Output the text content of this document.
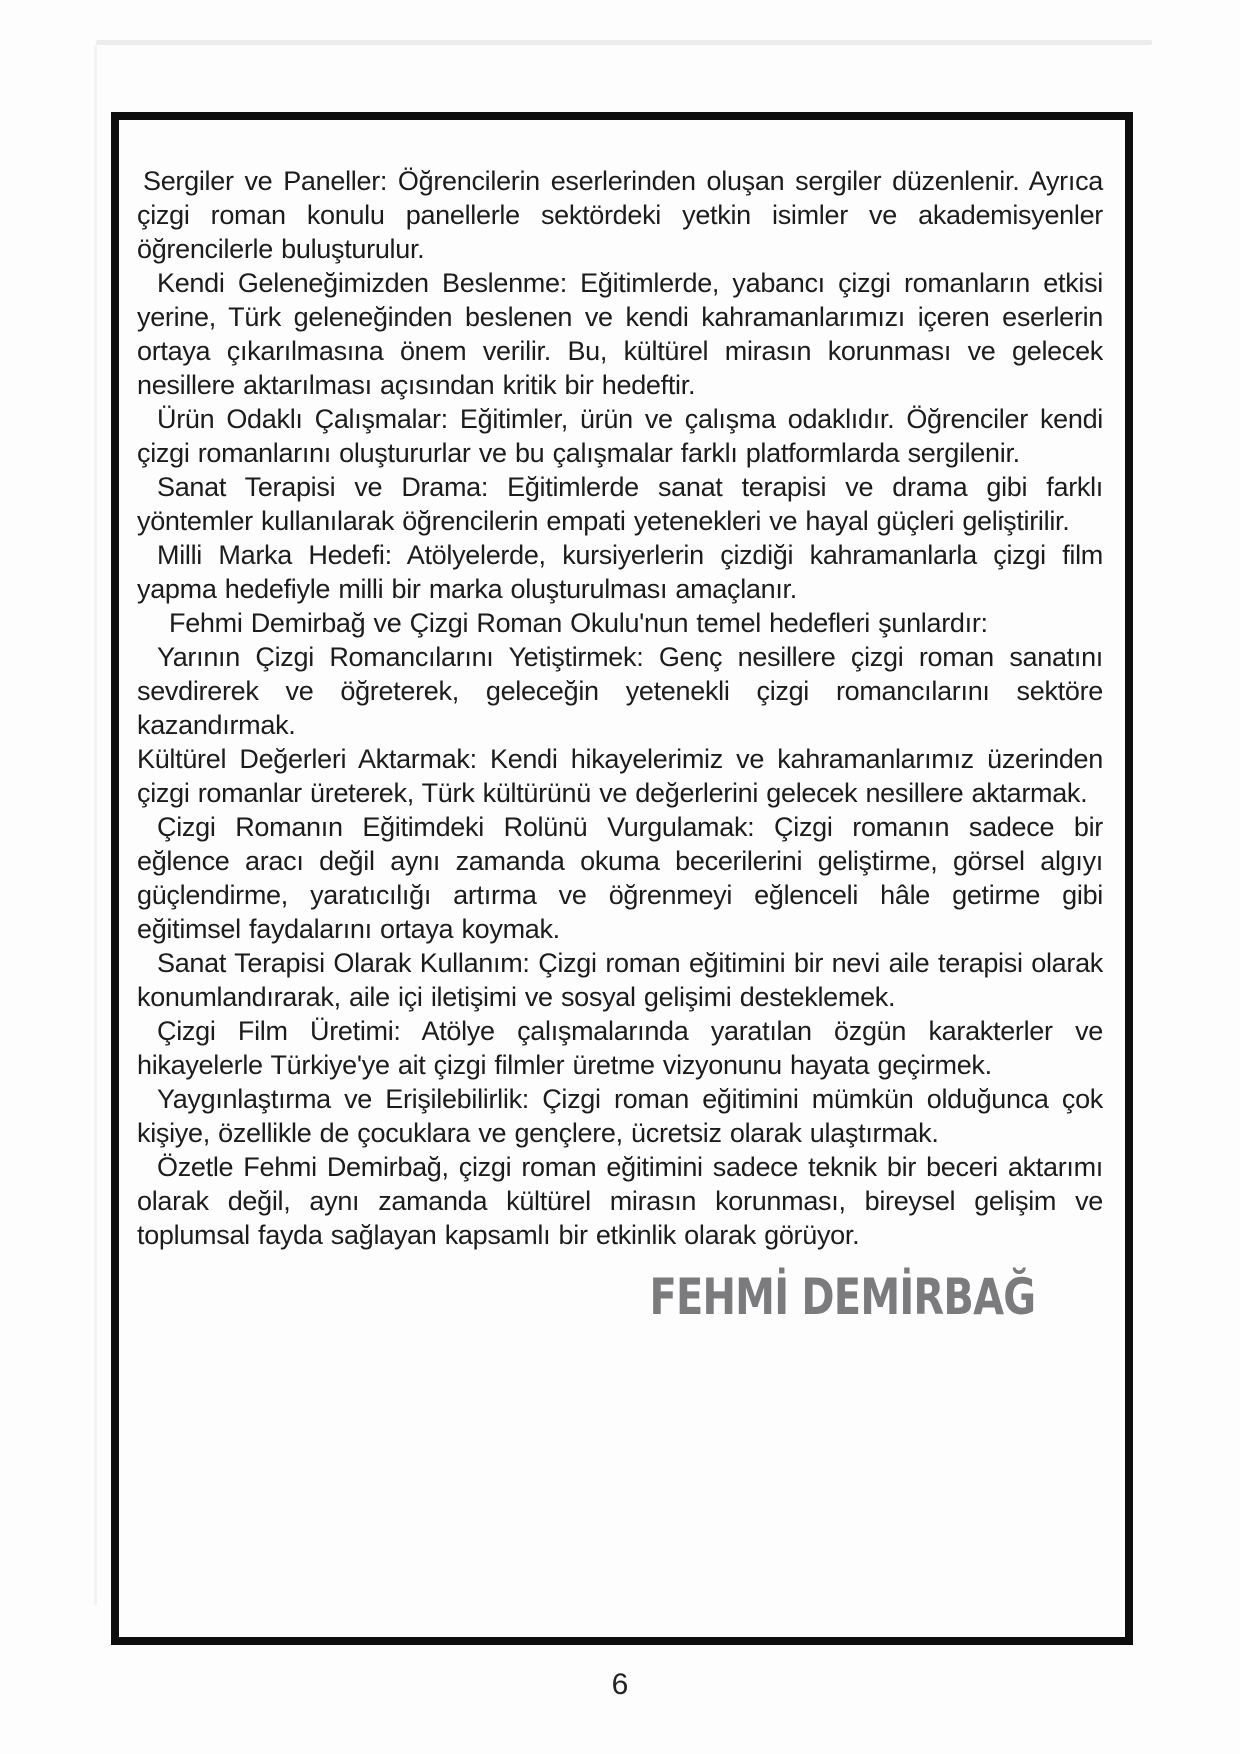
Sergiler ve Paneller: Öğrencilerin eserlerinden oluşan sergiler düzenlenir. Ayrıca çizgi roman konulu panellerle sektördeki yetkin isimler ve akademisyenler öğrencilerle buluşturulur.

Kendi Geleneğimizden Beslenme: Eğitimlerde, yabancı çizgi romanların etkisi yerine, Türk geleneğinden beslenen ve kendi kahramanlarımızı içeren eserlerin ortaya çıkarılmasına önem verilir. Bu, kültürel mirasın korunması ve gelecek nesillere aktarılması açısından kritik bir hedeftir.

Ürün Odaklı Çalışmalar: Eğitimler, ürün ve çalışma odaklıdır. Öğrenciler kendi çizgi romanlarını oluştururlar ve bu çalışmalar farklı platformlarda sergilenir.

Sanat Terapisi ve Drama: Eğitimlerde sanat terapisi ve drama gibi farklı yöntemler kullanılarak öğrencilerin empati yetenekleri ve hayal güçleri geliştirilir.

Milli Marka Hedefi: Atölyelerde, kursiyerlerin çizdiği kahramanlarla çizgi film yapma hedefiyle milli bir marka oluşturulması amaçlanır.

Fehmi Demirbağ ve Çizgi Roman Okulu'nun temel hedefleri şunlardır:

Yarının Çizgi Romancılarını Yetiştirmek: Genç nesillere çizgi roman sanatını sevdirerek ve öğreterek, geleceğin yetenekli çizgi romancılarını sektöre kazandırmak.

Kültürel Değerleri Aktarmak: Kendi hikayelerimiz ve kahramanlarımız üzerinden çizgi romanlar üreterek, Türk kültürünü ve değerlerini gelecek nesillere aktarmak.

Çizgi Romanın Eğitimdeki Rolünü Vurgulamak: Çizgi romanın sadece bir eğlence aracı değil aynı zamanda okuma becerilerini geliştirme, görsel algıyı güçlendirme, yaratıcılığı artırma ve öğrenmeyi eğlenceli hâle getirme gibi eğitimsel faydalarını ortaya koymak.

Sanat Terapisi Olarak Kullanım: Çizgi roman eğitimini bir nevi aile terapisi olarak konumlandırarak, aile içi iletişimi ve sosyal gelişimi desteklemek.

Çizgi Film Üretimi: Atölye çalışmalarında yaratılan özgün karakterler ve hikayelerle Türkiye'ye ait çizgi filmler üretme vizyonunu hayata geçirmek.

Yaygınlaştırma ve Erişilebilirlik: Çizgi roman eğitimini mümkün olduğunca çok kişiye, özellikle de çocuklara ve gençlere, ücretsiz olarak ulaştırmak.

Özetle Fehmi Demirbağ, çizgi roman eğitimini sadece teknik bir beceri aktarımı olarak değil, aynı zamanda kültürel mirasın korunması, bireysel gelişim ve toplumsal fayda sağlayan kapsamlı bir etkinlik olarak görüyor.

FEHMİ DEMİRBAĞ
6
